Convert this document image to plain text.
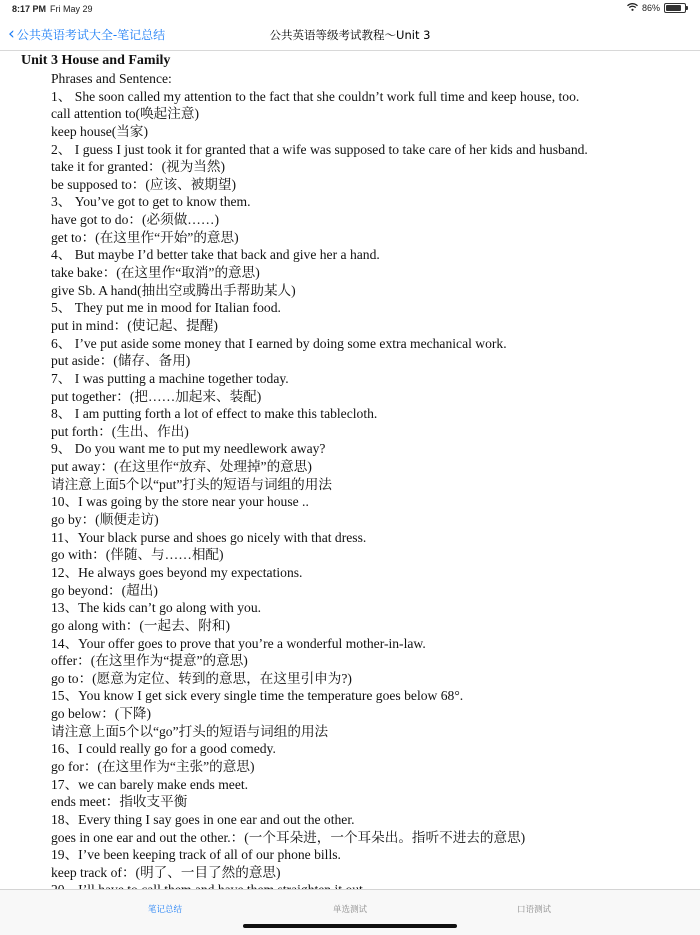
8:17 PM Fri May 29	86%
‹ 公共英语考试大全-笔记总结	公共英语等级考试教程～Unit 3
Unit 3 House and Family
Phrases and Sentence:
1、 She soon called my attention to the fact that she couldn’t work full time and keep house, too.
call attention to(唤起注意)
keep house(当家)
2、 I guess I just took it for granted that a wife was supposed to take care of her kids and husband.
take it for granted：(视为当然)
be supposed to：(应该、被期望)
3、 You’ve got to get to know them.
have got to do：(必须做……)
get to：(在这里作“开始”的意思)
4、 But maybe I’d better take that back and give her a hand.
take bake：(在这里作“取消”的意思)
give Sb. A hand(抽出空或腾出手帮助某人)
5、 They put me in mood for Italian food.
put in mind：(使记起、提醒)
6、 I’ve put aside some money that I earned by doing some extra mechanical work.
put aside：(储存、备用)
7、 I was putting a machine together today.
put together：(把……加起来、装配)
8、 I am putting forth a lot of effect to make this tablecloth.
put forth：(生出、作出)
9、 Do you want me to put my needlework away?
put away：(在这里作“放弃、处理掉”的意思)
请注意上面5个以“put”打头的短语与词组的用法
10、I was going by the store near your house ..
go by：(顺便走访)
11、Your black purse and shoes go nicely with that dress.
go with：(伴随、与……相配)
12、He always goes beyond my expectations.
go beyond：(超出)
13、The kids can’t go along with you.
go along with：(一起去、附和)
14、Your offer goes to prove that you’re a wonderful mother-in-law.
offer：(在这里作为“提意”的意思)
go to：(愿意为定位、转到的意思，在这里引申为?)
15、You know I get sick every single time the temperature goes below 68°.
go below：(下降)
请注意上面5个以“go”打头的短语与词组的用法
16、I could really go for a good comedy.
go for：(在这里作为“主张”的意思)
17、we can barely make ends meet.
ends meet：指收支平衡
18、Every thing I say goes in one ear and out the other.
goes in one ear and out the other.：(一个耳朵进，一个耳朵出。指听不进去的意思)
19、I’ve been keeping track of all of our phone bills.
keep track of：(明了、一目了然的意思)
笔记总结	单选测试	口语测试
